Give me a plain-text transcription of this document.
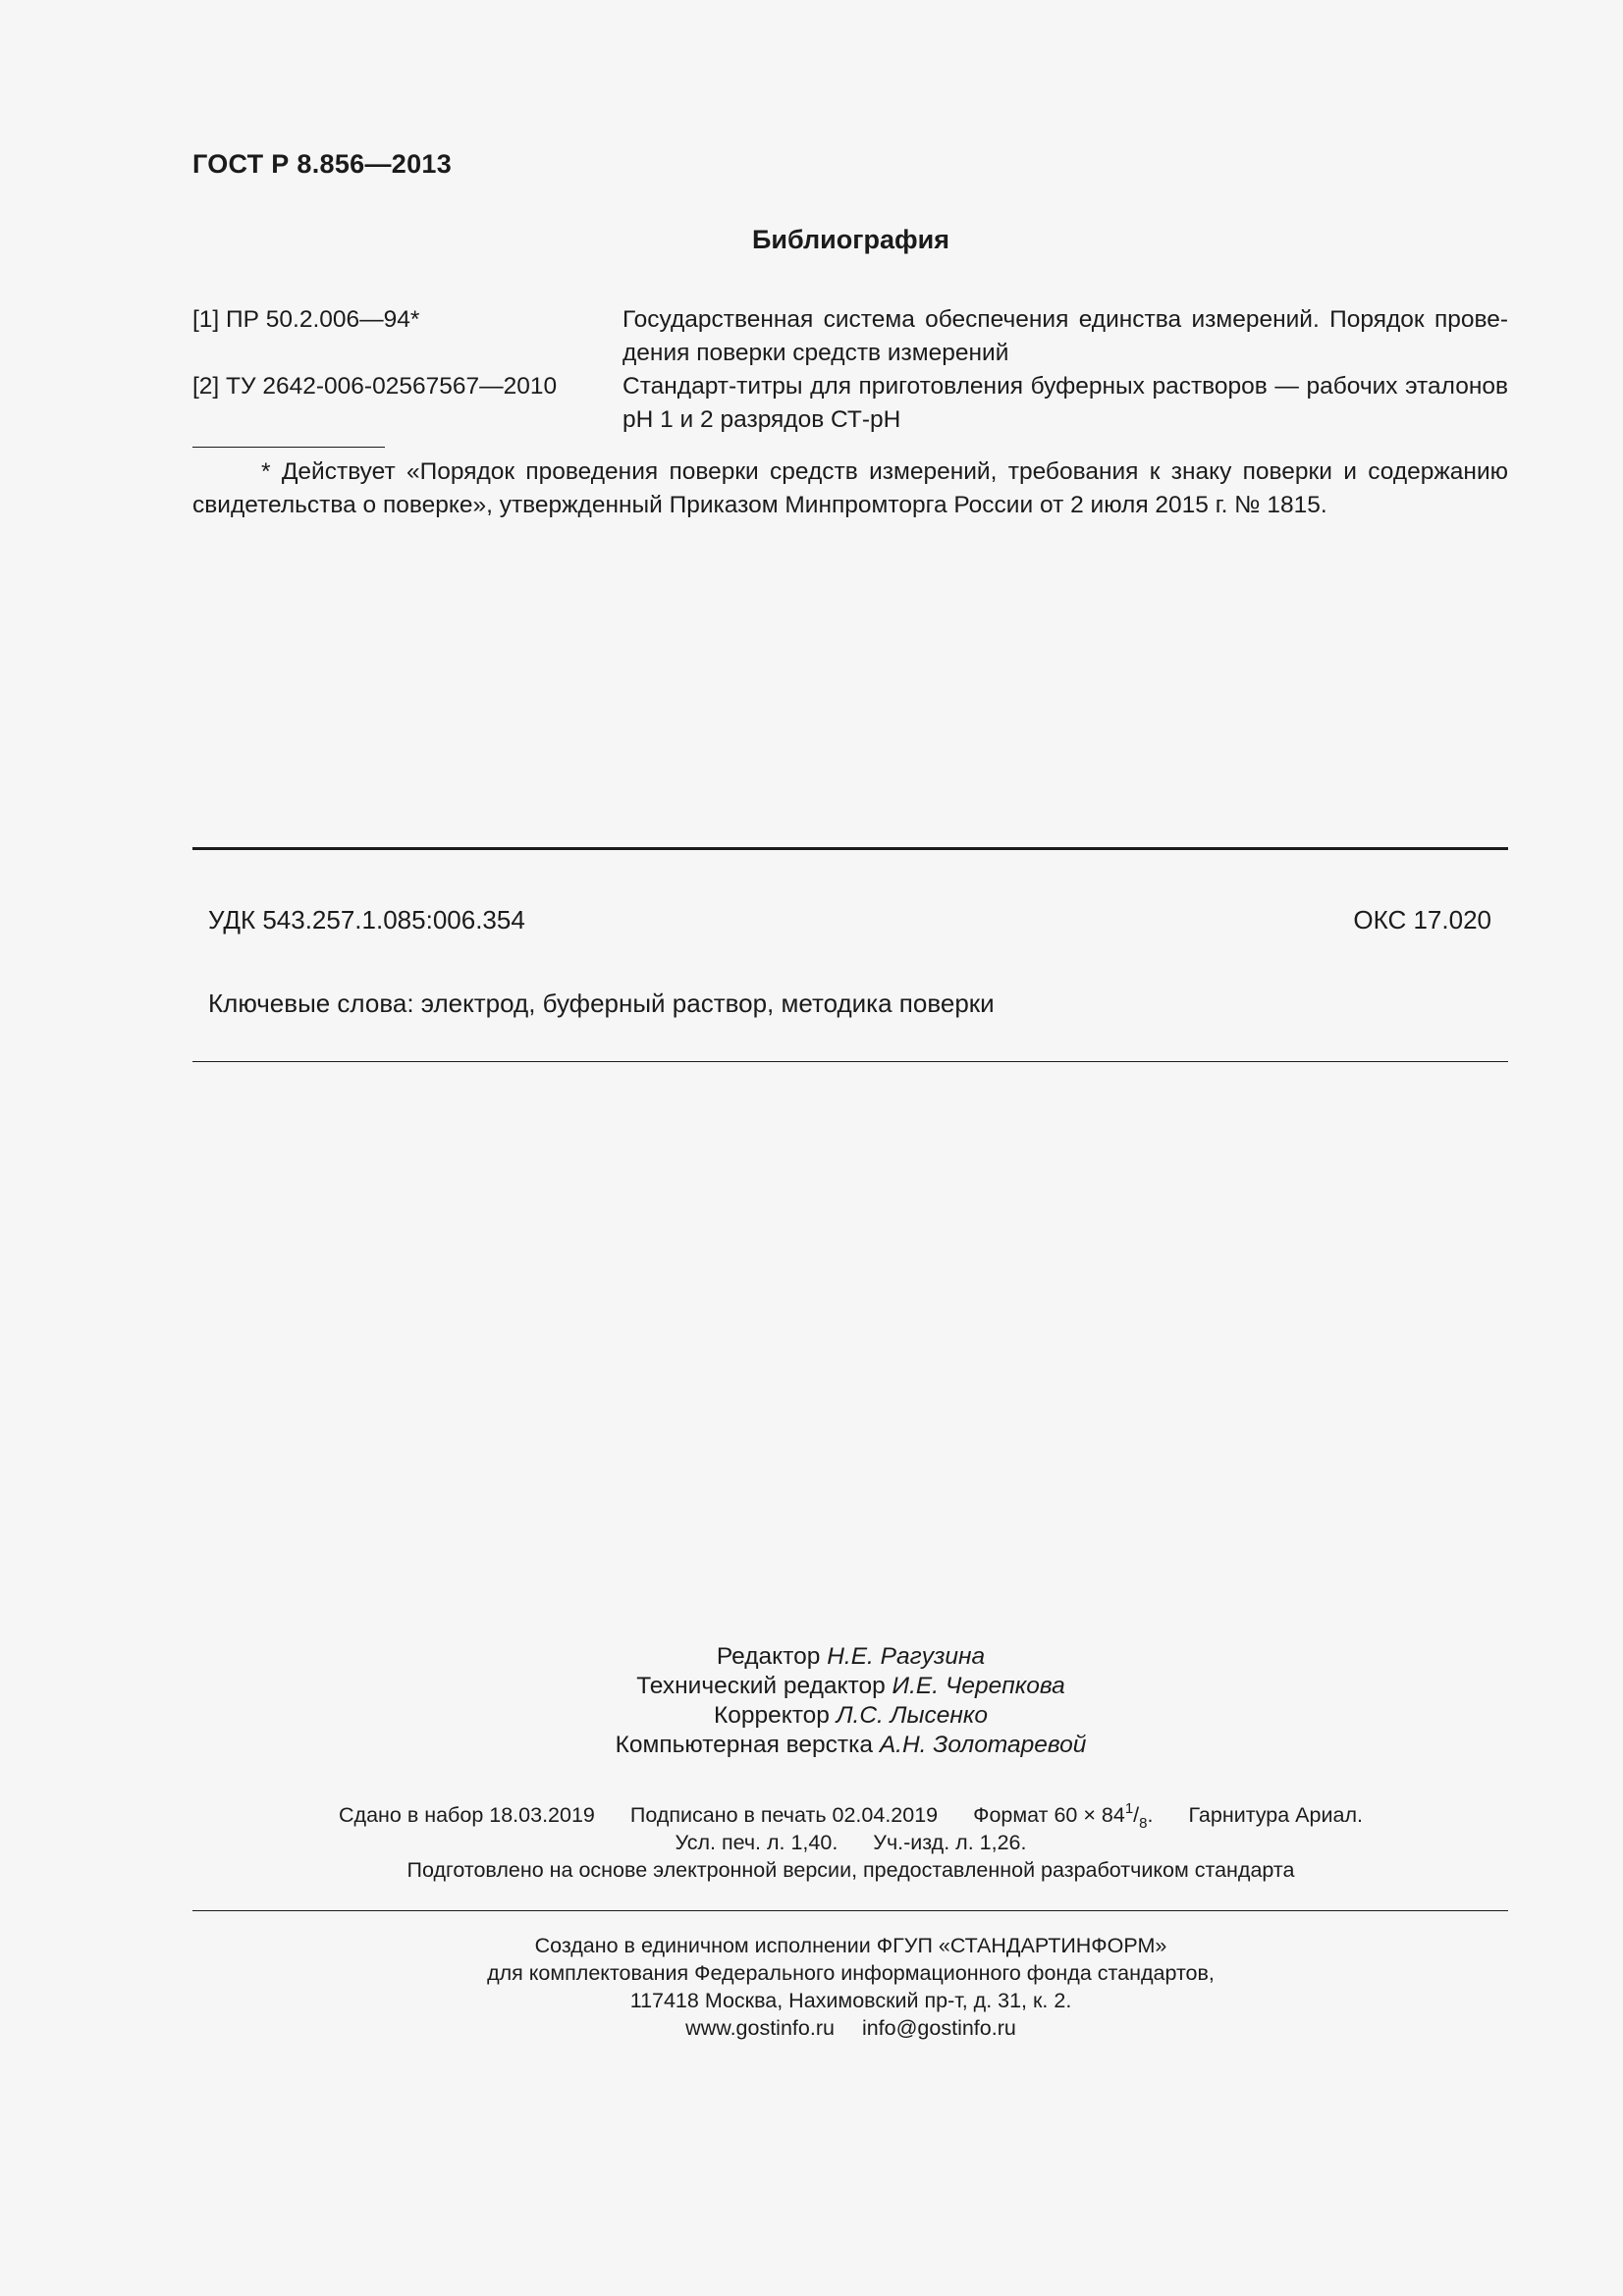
ГОСТ Р 8.856—2013
Библиография
[1] ПР 50.2.006—94*	Государственная система обеспечения единства измерений. Порядок проведения поверки средств измерений
[2] ТУ 2642-006-02567567—2010	Стандарт-титры для приготовления буферных растворов — рабочих эталонов рН 1 и 2 разрядов СТ-рН
* Действует «Порядок проведения поверки средств измерений, требования к знаку поверки и содержанию свидетельства о поверке», утвержденный Приказом Минпромторга России от 2 июля 2015 г. № 1815.
УДК 543.257.1.085:006.354	ОКС 17.020
Ключевые слова: электрод, буферный раствор, методика поверки
Редактор Н.Е. Рагузина
Технический редактор И.Е. Черепкова
Корректор Л.С. Лысенко
Компьютерная верстка А.Н. Золотаревой
Сдано в набор 18.03.2019 Подписано в печать 02.04.2019 Формат $60 \times 84^1/_8$. Гарнитура Ариал.
Усл. печ. л. 1,40. Уч.-изд. л. 1,26.
Подготовлено на основе электронной версии, предоставленной разработчиком стандарта
Создано в единичном исполнении ФГУП «СТАНДАРТИНФОРМ»
для комплектования Федерального информационного фонда стандартов,
117418 Москва, Нахимовский пр-т, д. 31, к. 2.
www.gostinfo.ru info@gostinfo.ru
